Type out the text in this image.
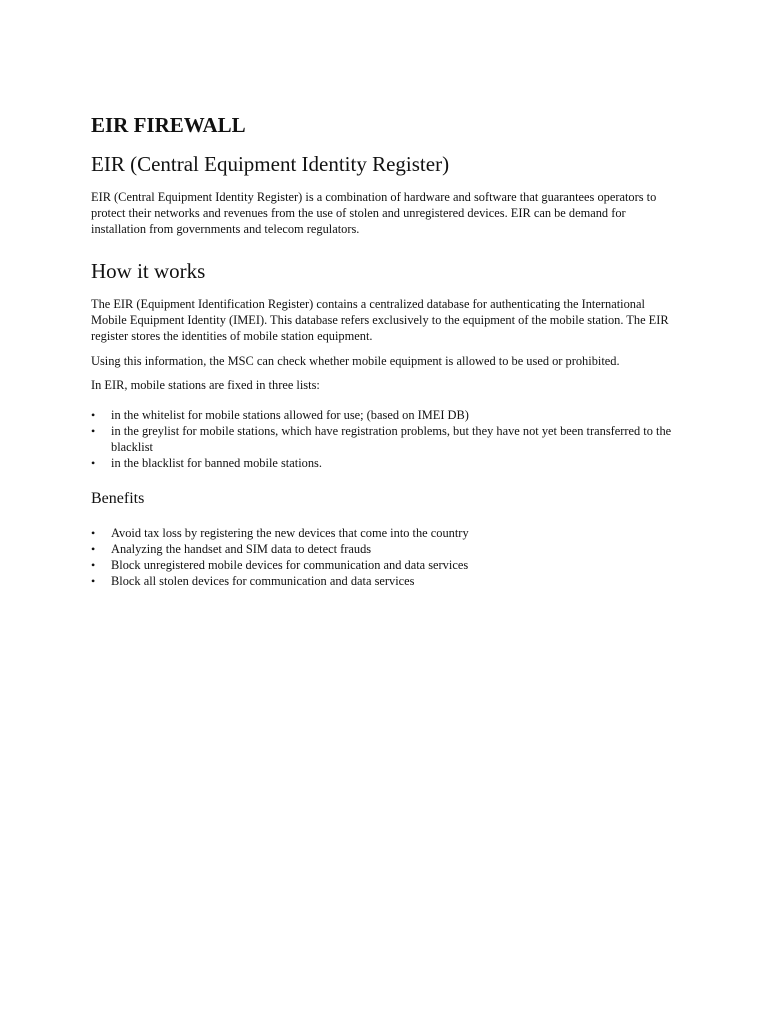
EIR FIREWALL
EIR (Central Equipment Identity Register)

EIR (Central Equipment Identity Register) is a combination of hardware and software that guarantees operators to protect their networks and revenues from the use of stolen and unregistered devices. EIR can be demand for installation from governments and telecom regulators.

How it works

The EIR (Equipment Identification Register) contains a centralized database for authenticating the International Mobile Equipment Identity (IMEI). This database refers exclusively to the equipment of the mobile station. The EIR register stores the identities of mobile station equipment.

Using this information, the MSC can check whether mobile equipment is allowed to be used or prohibited.

In EIR, mobile stations are fixed in three lists:

• in the whitelist for mobile stations allowed for use; (based on IMEI DB)
• in the greylist for mobile stations, which have registration problems, but they have not yet been transferred to the blacklist
• in the blacklist for banned mobile stations.
Benefits
• Avoid tax loss by registering the new devices that come into the country
• Analyzing the handset and SIM data to detect frauds
• Block unregistered mobile devices for communication and data services
• Block all stolen devices for communication and data services
